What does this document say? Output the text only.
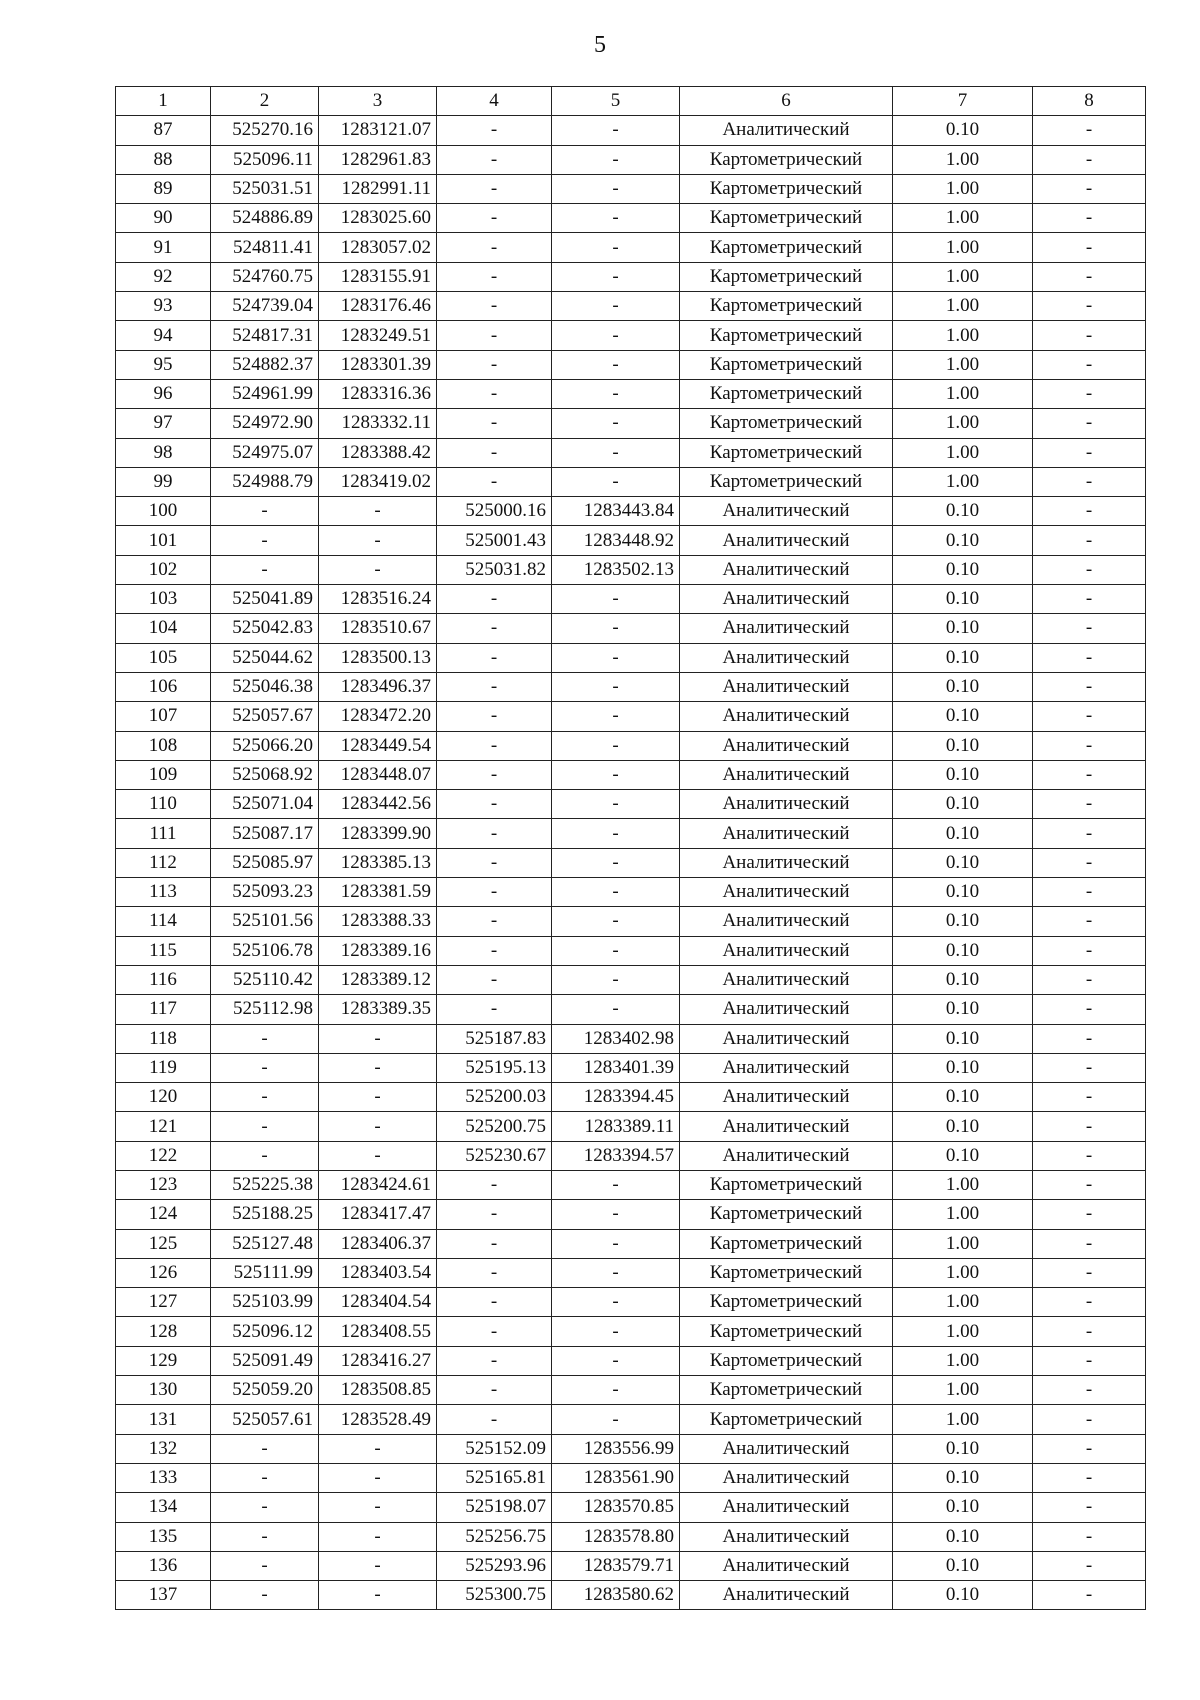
5
1	2	3	4	5	6	7	8
87	525270.16	1283121.07	-	-	Аналитический	0.10	-
88	525096.11	1282961.83	-	-	Картометрический	1.00	-
89	525031.51	1282991.11	-	-	Картометрический	1.00	-
90	524886.89	1283025.60	-	-	Картометрический	1.00	-
91	524811.41	1283057.02	-	-	Картометрический	1.00	-
92	524760.75	1283155.91	-	-	Картометрический	1.00	-
93	524739.04	1283176.46	-	-	Картометрический	1.00	-
94	524817.31	1283249.51	-	-	Картометрический	1.00	-
95	524882.37	1283301.39	-	-	Картометрический	1.00	-
96	524961.99	1283316.36	-	-	Картометрический	1.00	-
97	524972.90	1283332.11	-	-	Картометрический	1.00	-
98	524975.07	1283388.42	-	-	Картометрический	1.00	-
99	524988.79	1283419.02	-	-	Картометрический	1.00	-
100	-	-	525000.16	1283443.84	Аналитический	0.10	-
101	-	-	525001.43	1283448.92	Аналитический	0.10	-
102	-	-	525031.82	1283502.13	Аналитический	0.10	-
103	525041.89	1283516.24	-	-	Аналитический	0.10	-
104	525042.83	1283510.67	-	-	Аналитический	0.10	-
105	525044.62	1283500.13	-	-	Аналитический	0.10	-
106	525046.38	1283496.37	-	-	Аналитический	0.10	-
107	525057.67	1283472.20	-	-	Аналитический	0.10	-
108	525066.20	1283449.54	-	-	Аналитический	0.10	-
109	525068.92	1283448.07	-	-	Аналитический	0.10	-
110	525071.04	1283442.56	-	-	Аналитический	0.10	-
111	525087.17	1283399.90	-	-	Аналитический	0.10	-
112	525085.97	1283385.13	-	-	Аналитический	0.10	-
113	525093.23	1283381.59	-	-	Аналитический	0.10	-
114	525101.56	1283388.33	-	-	Аналитический	0.10	-
115	525106.78	1283389.16	-	-	Аналитический	0.10	-
116	525110.42	1283389.12	-	-	Аналитический	0.10	-
117	525112.98	1283389.35	-	-	Аналитический	0.10	-
118	-	-	525187.83	1283402.98	Аналитический	0.10	-
119	-	-	525195.13	1283401.39	Аналитический	0.10	-
120	-	-	525200.03	1283394.45	Аналитический	0.10	-
121	-	-	525200.75	1283389.11	Аналитический	0.10	-
122	-	-	525230.67	1283394.57	Аналитический	0.10	-
123	525225.38	1283424.61	-	-	Картометрический	1.00	-
124	525188.25	1283417.47	-	-	Картометрический	1.00	-
125	525127.48	1283406.37	-	-	Картометрический	1.00	-
126	525111.99	1283403.54	-	-	Картометрический	1.00	-
127	525103.99	1283404.54	-	-	Картометрический	1.00	-
128	525096.12	1283408.55	-	-	Картометрический	1.00	-
129	525091.49	1283416.27	-	-	Картометрический	1.00	-
130	525059.20	1283508.85	-	-	Картометрический	1.00	-
131	525057.61	1283528.49	-	-	Картометрический	1.00	-
132	-	-	525152.09	1283556.99	Аналитический	0.10	-
133	-	-	525165.81	1283561.90	Аналитический	0.10	-
134	-	-	525198.07	1283570.85	Аналитический	0.10	-
135	-	-	525256.75	1283578.80	Аналитический	0.10	-
136	-	-	525293.96	1283579.71	Аналитический	0.10	-
137	-	-	525300.75	1283580.62	Аналитический	0.10	-
